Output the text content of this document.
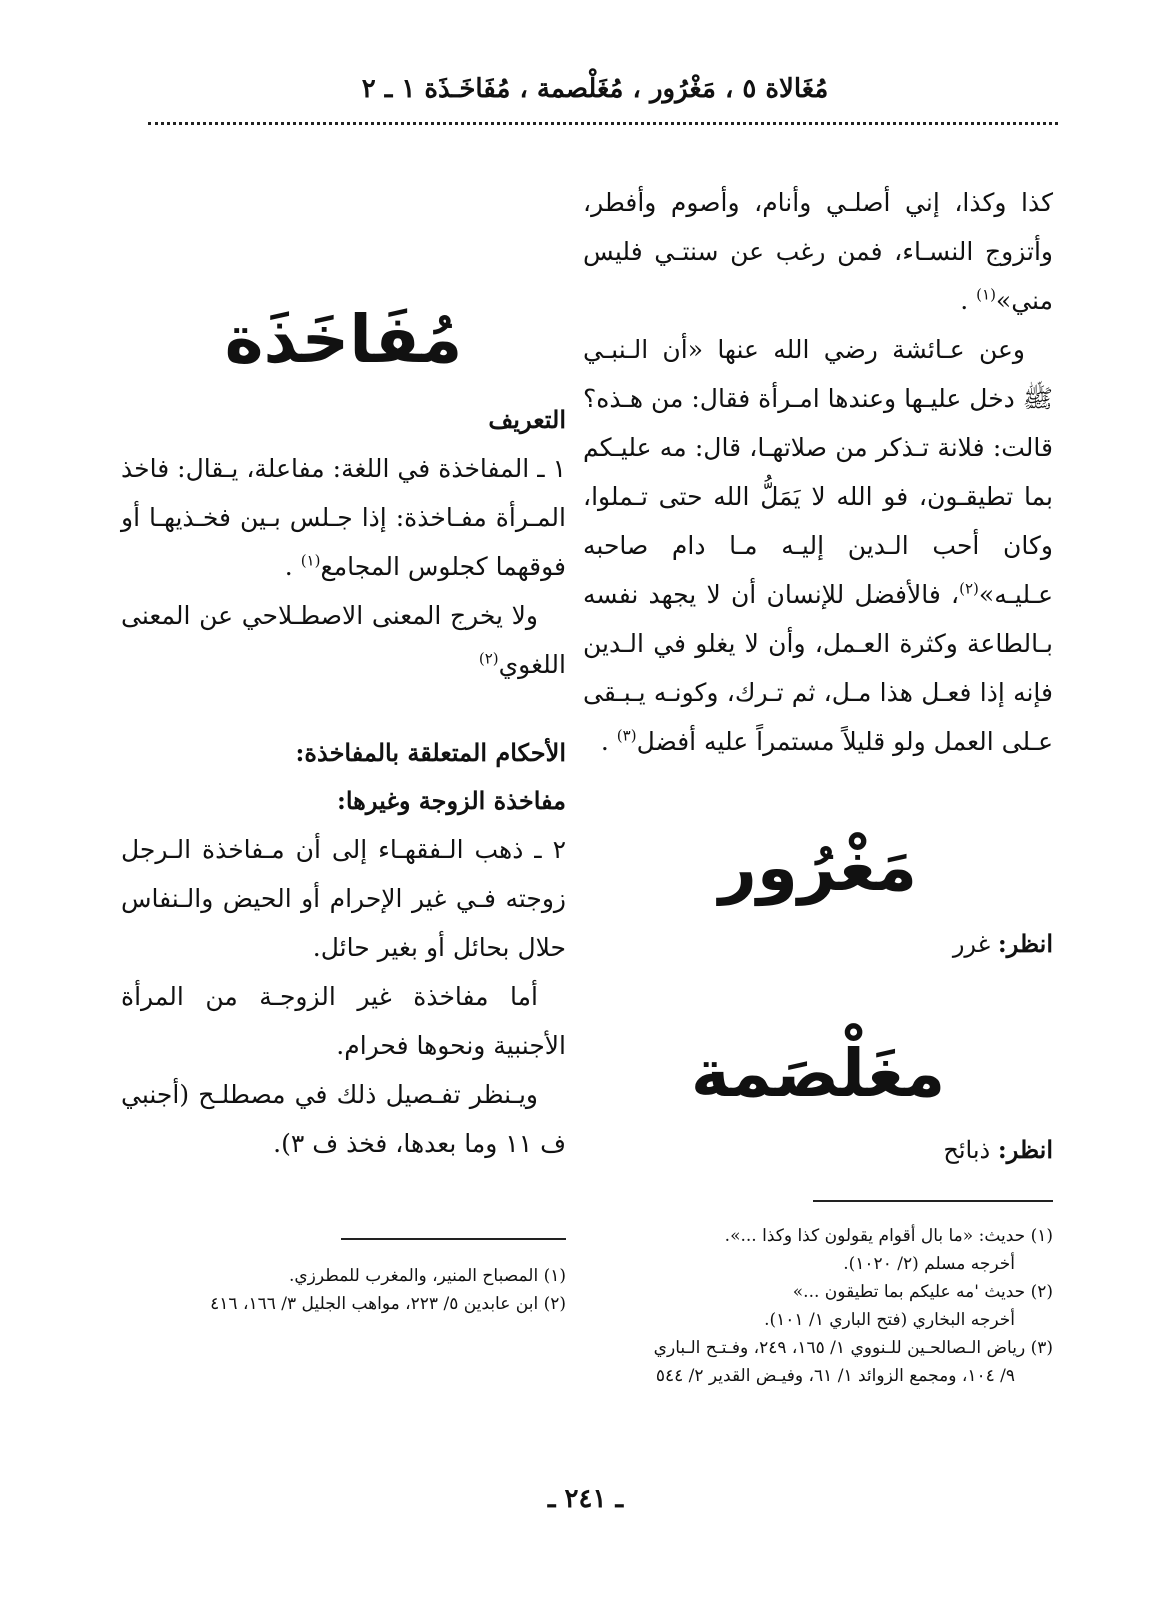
مُغَالاة ٥ ، مَغْرُور ، مُغَلْصمة ، مُفَاخَـذَة ١ ـ ٢

كذا وكذا، إني أصلـي وأنام، وأصوم وأفطر، وأتزوج النسـاء، فمن رغب عن سنتـي فليس مني»$^{(١)}$ .

وعن عـائشة رضي الله عنها «أن الـنبـي ﷺ دخل عليـها وعندها امـرأة فقال: من هـذه؟ قالت: فلانة تـذكر من صلاتهـا، قال: مه عليـكم بما تطيقـون، فو الله لا يَمَلُّ الله حتى تـملوا، وكان أحب الـدين إليـه مـا دام صاحبه عـليـه»$^{(٢)}$، فالأفضل للإنسان أن لا يجهد نفسه بـالطاعة وكثرة العـمل، وأن لا يغلو في الـدين فإنه إذا فعـل هذا مـل، ثم تـرك، وكونـه يـبـقى عـلى العمل ولو قليلاً مستمراً عليه أفضل$^{(٣)}$ .

مَغْرُور

انظر: غرر

مغَلْصَمة

انظر: ذبائح

(١) حديث: «ما بال أقوام يقولون كذا وكذا ...».

أخرجه مسلم (٢/ ١٠٢٠).

(٢) حديث 'مه عليكم بما تطيقون ...»

أخرجه البخاري (فتح الباري ١/ ١٠١).

(٣) رياض الـصالحـين للـنووي ١/ ١٦٥، ٢٤٩، وفـتـح الـباري

٩/ ١٠٤، ومجمع الزوائد ١/ ٦١، وفيـض القدير ٢/ ٥٤٤

مُفَاخَذَة

التعريف

١ ـ المفاخذة في اللغة: مفاعلة، يـقال: فاخذ المـرأة مفـاخذة: إذا جـلس بـين فخـذيهـا أو فوقهما كجلوس المجامع$^{(١)}$ .

ولا يخرج المعنى الاصطـلاحي عن المعنى اللغوي$^{(٢)}$

الأحكام المتعلقة بالمفاخذة:

مفاخذة الزوجة وغيرها:

٢ ـ ذهب الـفقهـاء إلى أن مـفاخذة الـرجل زوجته فـي غير الإحرام أو الحيض والـنفاس حلال بحائل أو بغير حائل.

أما مفاخذة غير الزوجـة من المرأة الأجنبية ونحوها فحرام.

ويـنظر تفـصيل ذلك في مصطلـح (أجنبي ف ١١ وما بعدها، فخذ ف ٣).

(١) المصباح المنير، والمغرب للمطرزي.

(٢) ابن عابدين ٥/ ٢٢٣، مواهب الجليل ٣/ ١٦٦، ٤١٦

ـ ٢٤١ ـ
